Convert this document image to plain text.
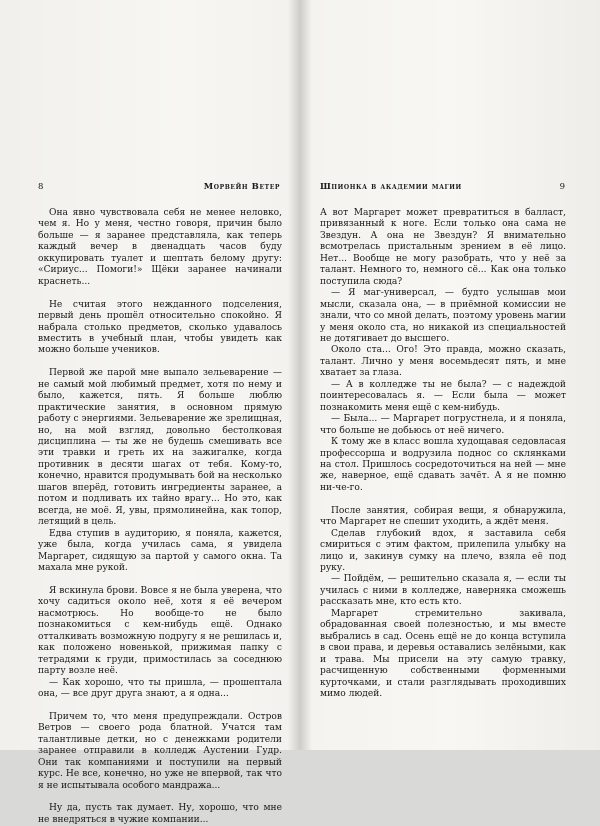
8	Морвейн Ветер

Она явно чувствовала себя не менее неловко, чем я. Но у меня, честно говоря, причин было больше — я заранее представляла, как теперь каждый вечер в двенадцать часов буду оккупировать туалет и шептать белому другу: «Сириус... Помоги!» Щёки заранее начинали краснеть...

Не считая этого нежданного подселения, первый день прошёл относительно спокойно. Я набрала столько предметов, сколько удавалось вместить в учебный план, чтобы увидеть как можно больше учеников.

Первой же парой мне выпало зельеварение — не самый мой любимый предмет, хотя по нему и было, кажется, пять. Я больше люблю практические занятия, в основном прямую работу с энергиями. Зельеварение же зрелищная, но, на мой взгляд, довольно бестолковая дисциплина — ты же не будешь смешивать все эти травки и греть их на зажигалке, когда противник в десяти шагах от тебя. Кому-то, конечно, нравится продумывать бой на несколько шагов вперёд, готовить ингредиенты заранее, а потом и подливать их тайно врагу... Но это, как всегда, не моё. Я, увы, прямолинейна, как топор, летящий в цель.

Едва ступив в аудиторию, я поняла, кажется, уже была, когда училась сама, я увидела Маргарет, сидящую за партой у самого окна. Та махала мне рукой.

Я вскинула брови. Вовсе я не была уверена, что хочу садиться около неё, хотя я её вечером насмотрюсь. Но вообще-то не было познакомиться с кем-нибудь ещё. Однако отталкивать возможную подругу я не решилась и, как положено новенькой, прижимая папку с тетрадями к груди, примостилась за соседнюю парту возле неё.

— Как хорошо, что ты пришла, — прошептала она, — все друг друга знают, а я одна...

Причем то, что меня предупреждали. Остров Ветров — своего рода блатной. Учатся там талантливые детки, но с денежками родители заранее отправили в колледж Аустении Гудр. Они так компаниями и поступили на первый курс. Не все, конечно, но уже не впервой, так что я не испытывала особого мандража...

Ну да, пусть так думает. Ну, хорошо, что мне не внедряться в чужие компании...

Шпионка в академии магии	9

А вот Маргарет может превратиться в балласт, привязанный к ноге. Если только она сама не Звездун. А она не Звездун? Я внимательно всмотрелась пристальным зрением в её лицо. Нет... Вообще не могу разобрать, что у неё за талант. Немного то, немного сё... Как она только поступила сюда?

— Я маг-универсал, — будто услышав мои мысли, сказала она, — в приёмной комиссии не знали, что со мной делать, поэтому уровень магии у меня около ста, но никакой из специальностей не дотягивает до высшего.

Около ста... Ого! Это правда, можно сказать, талант. Лично у меня восемьдесят пять, и мне хватает за глаза.

— А в колледже ты не была? — с надеждой поинтересовалась я. — Если была — может познакомить меня ещё с кем-нибудь.

— Была... — Маргарет погрустнела, и я поняла, что больше не добьюсь от неё ничего.

К тому же в класс вошла худощавая седовласая профессорша и водрузила поднос со склянками на стол. Пришлось сосредоточиться на ней — мне же, наверное, ещё сдавать зачёт. А я не помню ни-че-го.

После занятия, собирая вещи, я обнаружила, что Маргарет не спешит уходить, а ждёт меня.

Сделав глубокий вдох, я заставила себя смириться с этим фактом, прилепила улыбку на лицо и, закинув сумку на плечо, взяла её под руку.

— Пойдём, — решительно сказала я, — если ты училась с ними в колледже, наверняка сможешь рассказать мне, кто есть кто.

Маргарет стремительно закивала, обрадованная своей полезностью, и мы вместе выбрались в сад. Осень ещё не до конца вступила в свои права, и деревья оставались зелёными, как и трава. Мы присели на эту самую травку, расчищенную собственными форменными курточками, и стали разглядывать проходивших мимо людей.
